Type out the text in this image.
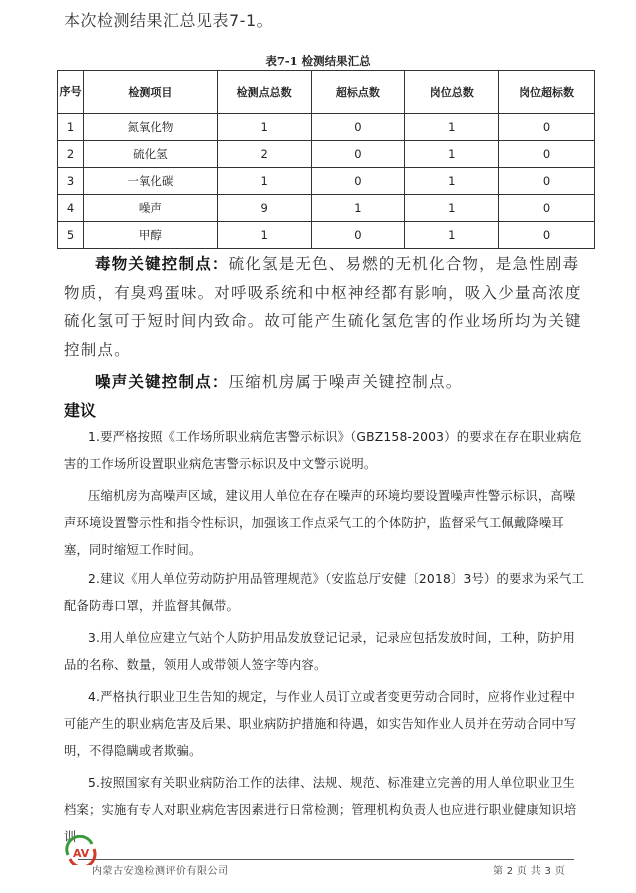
本次检测结果汇总见表7-1。
表7-1 检测结果汇总
序号	检测项目	检测点总数	超标点数	岗位总数	岗位超标数
1	氮氧化物	1	0	1	0
2	硫化氢	2	0	1	0
3	一氧化碳	1	0	1	0
4	噪声	9	1	1	0
5	甲醇	1	0	1	0

毒物关键控制点：硫化氢是无色、易燃的无机化合物，是急性剧毒物质，有臭鸡蛋味。对呼吸系统和中枢神经都有影响，吸入少量高浓度硫化氢可于短时间内致命。故可能产生硫化氢危害的作业场所均为关键控制点。

噪声关键控制点：压缩机房属于噪声关键控制点。

建议

1.要严格按照《工作场所职业病危害警示标识》（GBZ158-2003）的要求在存在职业病危害的工作场所设置职业病危害警示标识及中文警示说明。

压缩机房为高噪声区域，建议用人单位在存在噪声的环境均要设置噪声性警示标识，高噪声环境设置警示性和指令性标识，加强该工作点采气工的个体防护，监督采气工佩戴降噪耳塞，同时缩短工作时间。

2.建议《用人单位劳动防护用品管理规范》（安监总厅安健〔2018〕3号）的要求为采气工配备防毒口罩，并监督其佩带。

3.用人单位应建立气站个人防护用品发放登记记录，记录应包括发放时间，工种，防护用品的名称、数量，领用人或带领人签字等内容。

4.严格执行职业卫生告知的规定，与作业人员订立或者变更劳动合同时，应将作业过程中可能产生的职业病危害及后果、职业病防护措施和待遇，如实告知作业人员并在劳动合同中写明，不得隐瞒或者欺骗。

5.按照国家有关职业病防治工作的法律、法规、规范、标准建立完善的用人单位职业卫生档案；实施有专人对职业病危害因素进行日常检测；管理机构负责人也应进行职业健康知识培训

AV
内蒙古安逸检测评价有限公司	第 2 页 共 3 页
